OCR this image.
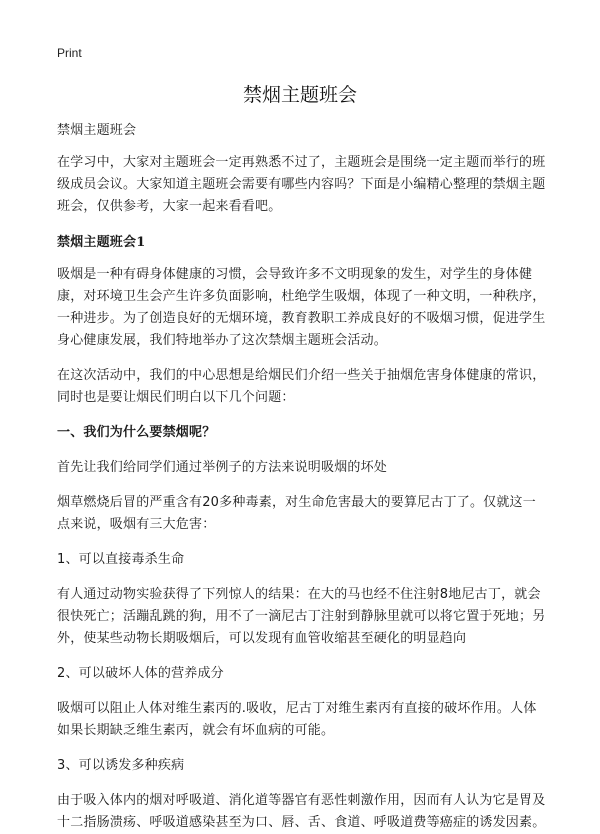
Print
禁烟主题班会

禁烟主题班会

在学习中，大家对主题班会一定再熟悉不过了，主题班会是围绕一定主题而举行的班级成员会议。大家知道主题班会需要有哪些内容吗？下面是小编精心整理的禁烟主题班会，仅供参考，大家一起来看看吧。

禁烟主题班会1

吸烟是一种有碍身体健康的习惯，会导致许多不文明现象的发生，对学生的身体健康，对环境卫生会产生许多负面影响，杜绝学生吸烟，体现了一种文明，一种秩序，一种进步。为了创造良好的无烟环境，教育教职工养成良好的不吸烟习惯，促进学生身心健康发展，我们特地举办了这次禁烟主题班会活动。

在这次活动中，我们的中心思想是给烟民们介绍一些关于抽烟危害身体健康的常识，同时也是要让烟民们明白以下几个问题：

一、我们为什么要禁烟呢？

首先让我们给同学们通过举例子的方法来说明吸烟的坏处

烟草燃烧后冒的严重含有20多种毒素，对生命危害最大的要算尼古丁了。仅就这一点来说，吸烟有三大危害：

1、可以直接毒杀生命

有人通过动物实验获得了下列惊人的结果：在大的马也经不住注射8地尼古丁，就会很快死亡；活蹦乱跳的狗，用不了一滴尼古丁注射到静脉里就可以将它置于死地；另外，使某些动物长期吸烟后，可以发现有血管收缩甚至硬化的明显趋向

2、可以破坏人体的营养成分

吸烟可以阻止人体对维生素丙的.吸收，尼古丁对维生素丙有直接的破坏作用。人体如果长期缺乏维生素丙，就会有坏血病的可能。

3、可以诱发多种疾病

由于吸入体内的烟对呼吸道、消化道等器官有恶性刺激作用，因而有人认为它是胃及十二指肠溃疡、呼吸道感染甚至为口、唇、舌、食道、呼吸道费等癌症的诱发因素。
